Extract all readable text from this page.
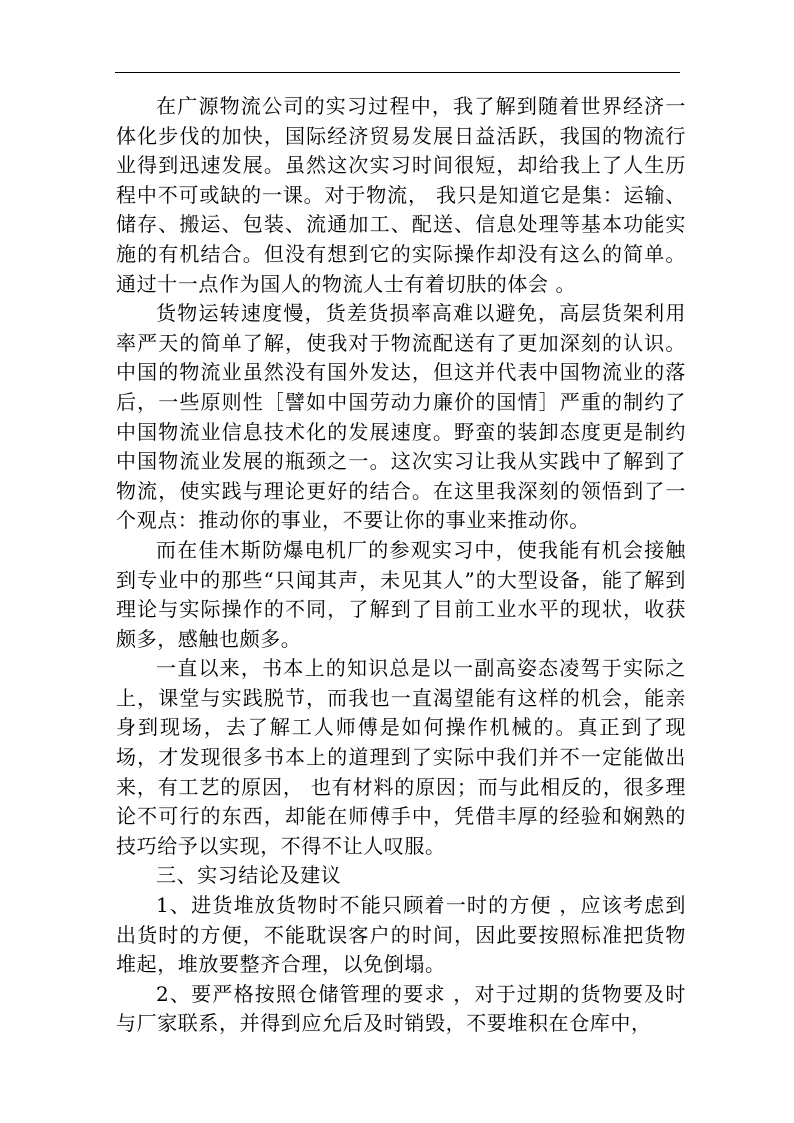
在广源物流公司的实习过程中，我了解到随着世界经济一体化步伐的加快，国际经济贸易发展日益活跃，我国的物流行业得到迅速发展。虽然这次实习时间很短，却给我上了人生历程中不可或缺的一课。对于物流， 我只是知道它是集：运输、储存、搬运、包装、流通加工、配送、信息处理等基本功能实施的有机结合。但没有想到它的实际操作却没有这么的简单。通过十一点作为国人的物流人士有着切肤的体会 。

货物运转速度慢，货差货损率高难以避免，高层货架利用率严天的简单了解，使我对于物流配送有了更加深刻的认识。中国的物流业虽然没有国外发达，但这并代表中国物流业的落后，一些原则性［譬如中国劳动力廉价的国情］严重的制约了中国物流业信息技术化的发展速度。野蛮的装卸态度更是制约中国物流业发展的瓶颈之一。这次实习让我从实践中了解到了物流，使实践与理论更好的结合。在这里我深刻的领悟到了一个观点：推动你的事业，不要让你的事业来推动你。

而在佳木斯防爆电机厂的参观实习中，使我能有机会接触到专业中的那些“只闻其声，未见其人”的大型设备，能了解到理论与实际操作的不同，了解到了目前工业水平的现状，收获颇多，感触也颇多。

一直以来，书本上的知识总是以一副高姿态凌驾于实际之上，课堂与实践脱节，而我也一直渴望能有这样的机会，能亲身到现场，去了解工人师傅是如何操作机械的。真正到了现场，才发现很多书本上的道理到了实际中我们并不一定能做出来，有工艺的原因， 也有材料的原因；而与此相反的，很多理论不可行的东西，却能在师傅手中，凭借丰厚的经验和娴熟的技巧给予以实现，不得不让人叹服。

三、实习结论及建议

1、进货堆放货物时不能只顾着一时的方便 ，应该考虑到出货时的方便，不能耽误客户的时间，因此要按照标准把货物堆起，堆放要整齐合理，以免倒塌。

2、要严格按照仓储管理的要求 ，对于过期的货物要及时与厂家联系，并得到应允后及时销毁，不要堆积在仓库中，
